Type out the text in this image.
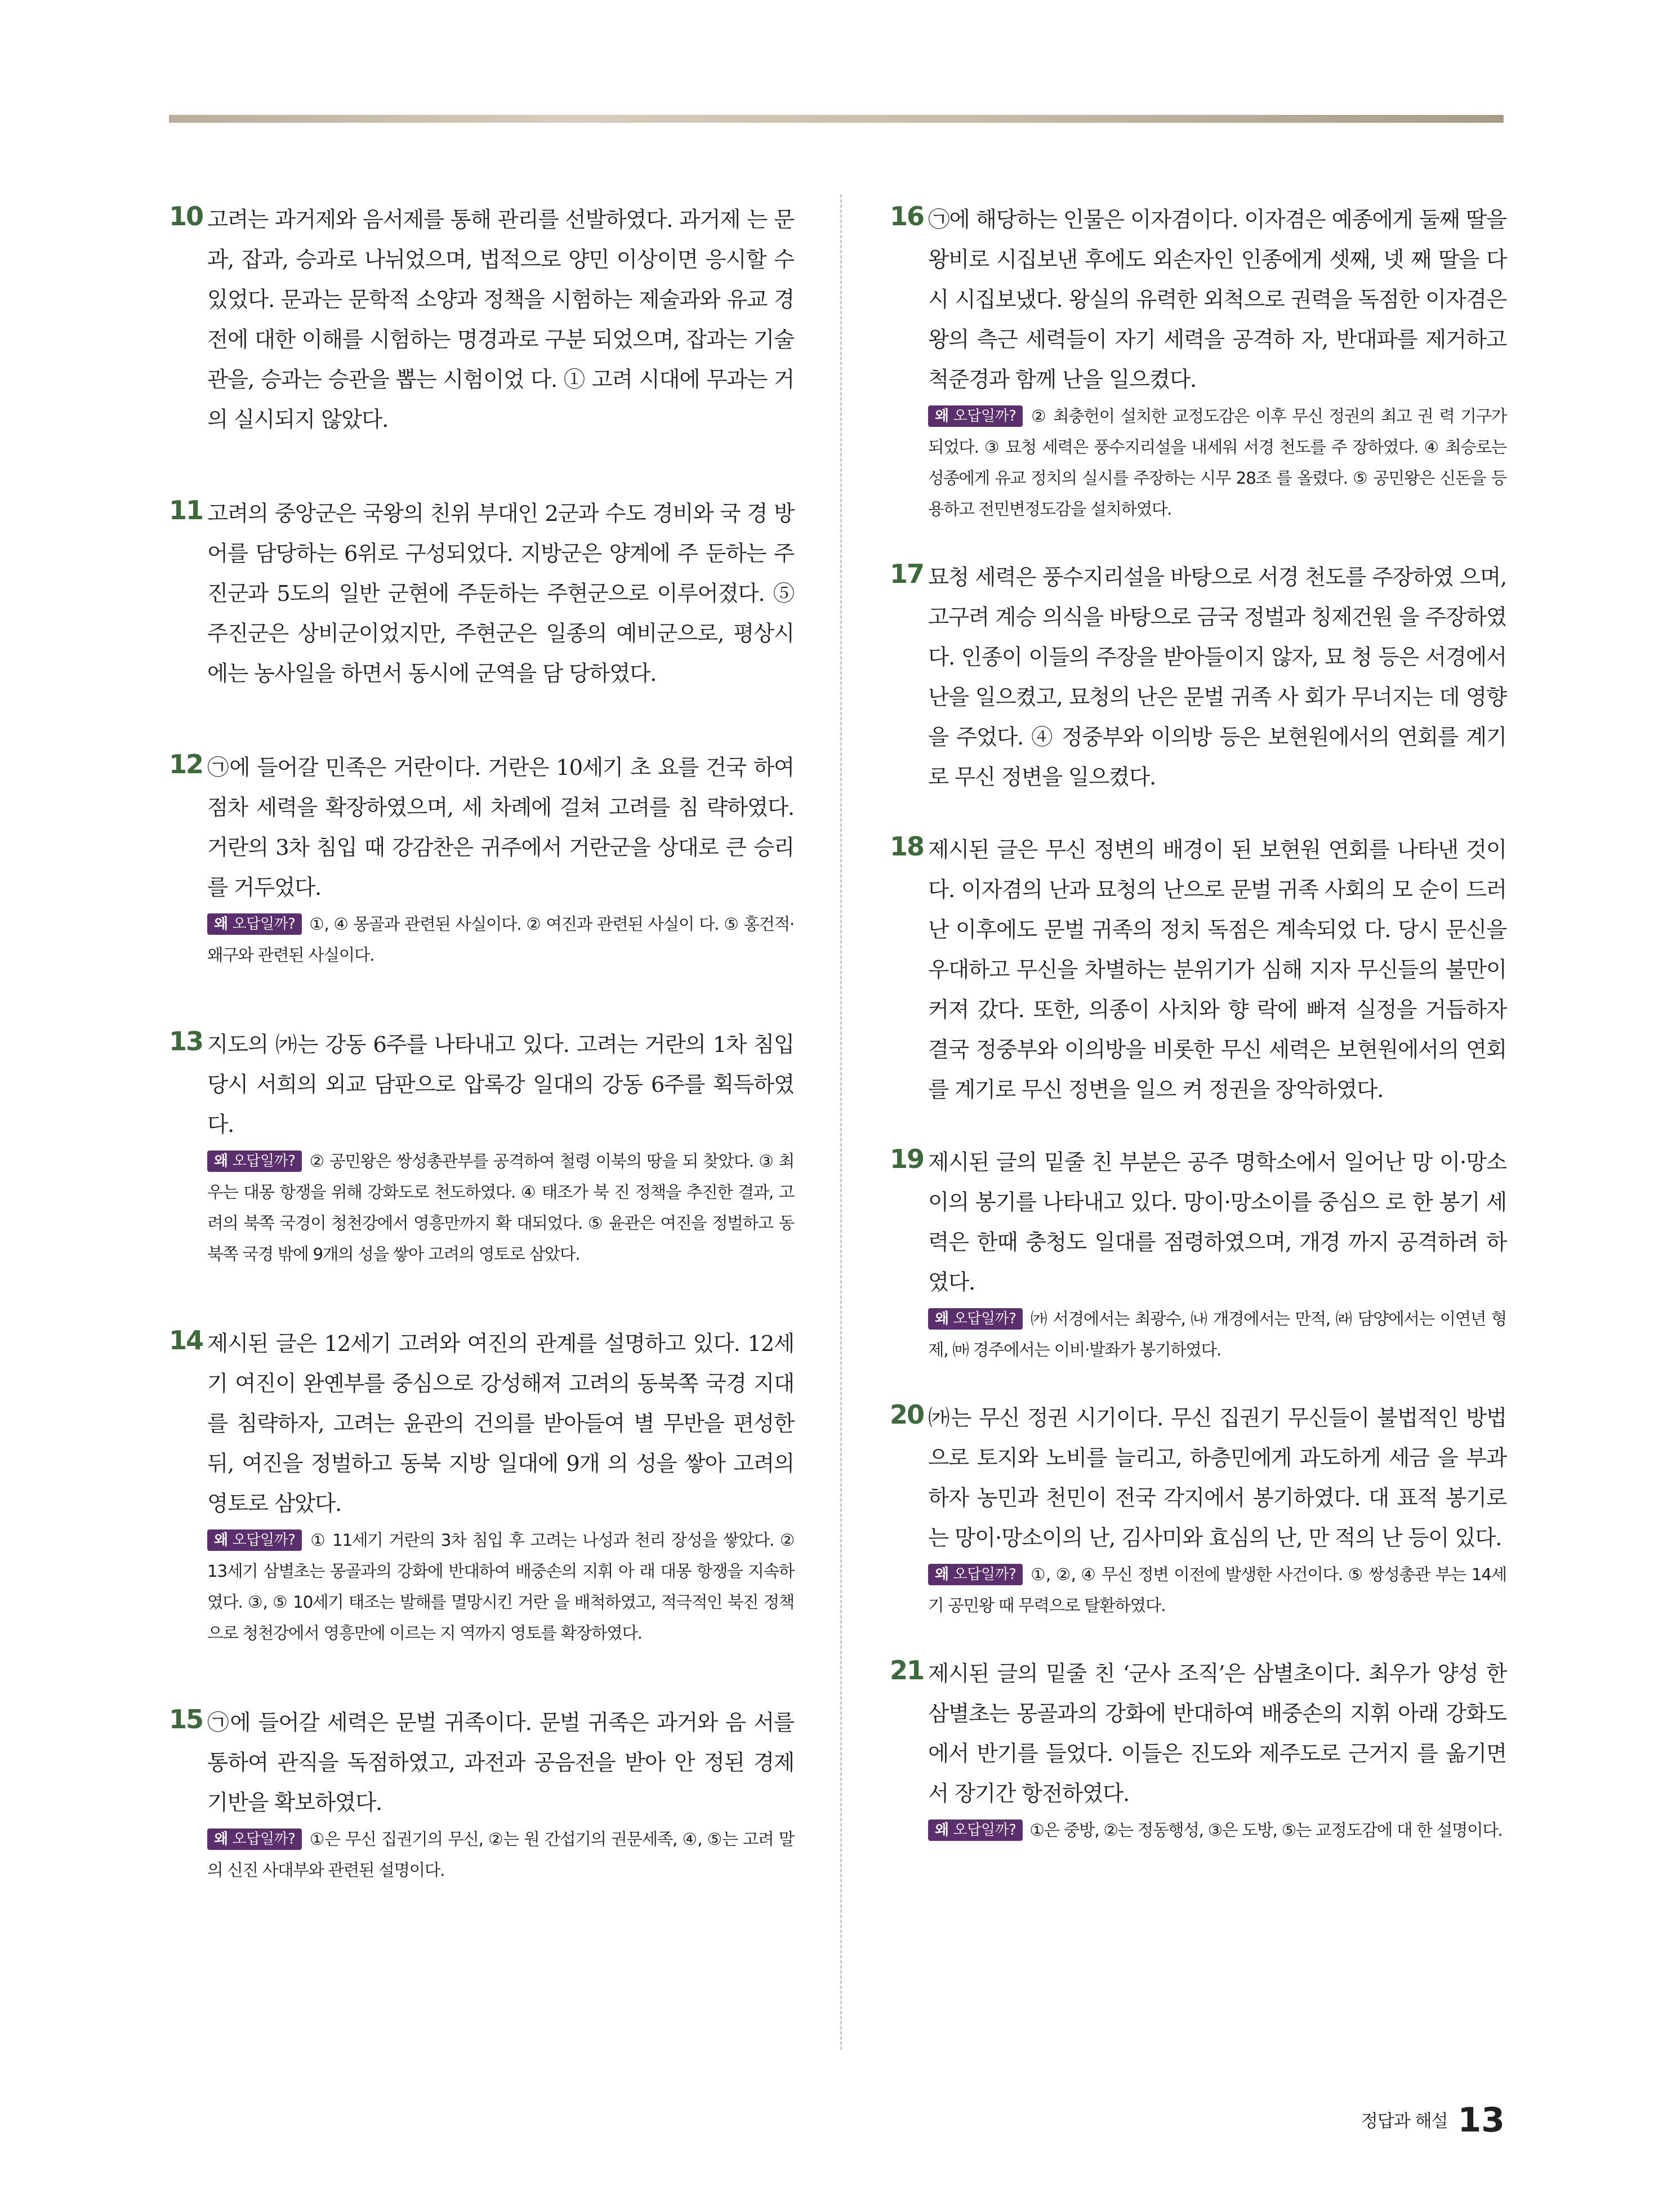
10 고려는 과거제와 음서제를 통해 관리를 선발하였다. 과거제 는 문과, 잡과, 승과로 나뉘었으며, 법적으로 양민 이상이면 응시할 수 있었다. 문과는 문학적 소양과 정책을 시험하는 제술과와 유교 경전에 대한 이해를 시험하는 명경과로 구분 되었으며, 잡과는 기술관을, 승과는 승관을 뽑는 시험이었 다. ① 고려 시대에 무과는 거의 실시되지 않았다.

11 고려의 중앙군은 국왕의 친위 부대인 2군과 수도 경비와 국 경 방어를 담당하는 6위로 구성되었다. 지방군은 양계에 주 둔하는 주진군과 5도의 일반 군현에 주둔하는 주현군으로 이루어졌다. ⑤ 주진군은 상비군이었지만, 주현군은 일종의 예비군으로, 평상시에는 농사일을 하면서 동시에 군역을 담 당하였다.

12 ㉠에 들어갈 민족은 거란이다. 거란은 10세기 초 요를 건국 하여 점차 세력을 확장하였으며, 세 차례에 걸쳐 고려를 침 략하였다. 거란의 3차 침입 때 강감찬은 귀주에서 거란군을 상대로 큰 승리를 거두었다.

왜 오답일까? ①, ④ 몽골과 관련된 사실이다. ② 여진과 관련된 사실이 다. ⑤ 홍건적·왜구와 관련된 사실이다.

13 지도의 ㈎는 강동 6주를 나타내고 있다. 고려는 거란의 1차 침입 당시 서희의 외교 담판으로 압록강 일대의 강동 6주를 획득하였다.

왜 오답일까? ② 공민왕은 쌍성총관부를 공격하여 철령 이북의 땅을 되 찾았다. ③ 최우는 대몽 항쟁을 위해 강화도로 천도하였다. ④ 태조가 북 진 정책을 추진한 결과, 고려의 북쪽 국경이 청천강에서 영흥만까지 확 대되었다. ⑤ 윤관은 여진을 정벌하고 동북쪽 국경 밖에 9개의 성을 쌓아 고려의 영토로 삼았다.

14 제시된 글은 12세기 고려와 여진의 관계를 설명하고 있다. 12세기 여진이 완옌부를 중심으로 강성해져 고려의 동북쪽 국경 지대를 침략하자, 고려는 윤관의 건의를 받아들여 별 무반을 편성한 뒤, 여진을 정벌하고 동북 지방 일대에 9개 의 성을 쌓아 고려의 영토로 삼았다.

왜 오답일까? ① 11세기 거란의 3차 침입 후 고려는 나성과 천리 장성을 쌓았다. ② 13세기 삼별초는 몽골과의 강화에 반대하여 배중손의 지휘 아 래 대몽 항쟁을 지속하였다. ③, ⑤ 10세기 태조는 발해를 멸망시킨 거란 을 배척하였고, 적극적인 북진 정책으로 청천강에서 영흥만에 이르는 지 역까지 영토를 확장하였다.

15 ㉠에 들어갈 세력은 문벌 귀족이다. 문벌 귀족은 과거와 음 서를 통하여 관직을 독점하였고, 과전과 공음전을 받아 안 정된 경제 기반을 확보하였다.

왜 오답일까? ①은 무신 집권기의 무신, ②는 원 간섭기의 권문세족, ④, ⑤는 고려 말의 신진 사대부와 관련된 설명이다.

16 ㉠에 해당하는 인물은 이자겸이다. 이자겸은 예종에게 둘째 딸을 왕비로 시집보낸 후에도 외손자인 인종에게 셋째, 넷 째 딸을 다시 시집보냈다. 왕실의 유력한 외척으로 권력을 독점한 이자겸은 왕의 측근 세력들이 자기 세력을 공격하 자, 반대파를 제거하고 척준경과 함께 난을 일으켰다.

왜 오답일까? ② 최충헌이 설치한 교정도감은 이후 무신 정권의 최고 권 력 기구가 되었다. ③ 묘청 세력은 풍수지리설을 내세워 서경 천도를 주 장하였다. ④ 최승로는 성종에게 유교 정치의 실시를 주장하는 시무 28조 를 올렸다. ⑤ 공민왕은 신돈을 등용하고 전민변정도감을 설치하였다.

17 묘청 세력은 풍수지리설을 바탕으로 서경 천도를 주장하였 으며, 고구려 계승 의식을 바탕으로 금국 정벌과 칭제건원 을 주장하였다. 인종이 이들의 주장을 받아들이지 않자, 묘 청 등은 서경에서 난을 일으켰고, 묘청의 난은 문벌 귀족 사 회가 무너지는 데 영향을 주었다. ④ 정중부와 이의방 등은 보현원에서의 연회를 계기로 무신 정변을 일으켰다.

18 제시된 글은 무신 정변의 배경이 된 보현원 연회를 나타낸 것이다. 이자겸의 난과 묘청의 난으로 문벌 귀족 사회의 모 순이 드러난 이후에도 문벌 귀족의 정치 독점은 계속되었 다. 당시 문신을 우대하고 무신을 차별하는 분위기가 심해 지자 무신들의 불만이 커져 갔다. 또한, 의종이 사치와 향 락에 빠져 실정을 거듭하자 결국 정중부와 이의방을 비롯한 무신 세력은 보현원에서의 연회를 계기로 무신 정변을 일으 켜 정권을 장악하였다.

19 제시된 글의 밑줄 친 부분은 공주 명학소에서 일어난 망 이·망소이의 봉기를 나타내고 있다. 망이·망소이를 중심으 로 한 봉기 세력은 한때 충청도 일대를 점령하였으며, 개경 까지 공격하려 하였다.

왜 오답일까? ㈎ 서경에서는 최광수, ㈏ 개경에서는 만적, ㈑ 담양에서는 이연년 형제, ㈒ 경주에서는 이비·발좌가 봉기하였다.

20 ㈎는 무신 정권 시기이다. 무신 집권기 무신들이 불법적인 방법으로 토지와 노비를 늘리고, 하층민에게 과도하게 세금 을 부과하자 농민과 천민이 전국 각지에서 봉기하였다. 대 표적 봉기로는 망이·망소이의 난, 김사미와 효심의 난, 만 적의 난 등이 있다.

왜 오답일까? ①, ②, ④ 무신 정변 이전에 발생한 사건이다. ⑤ 쌍성총관 부는 14세기 공민왕 때 무력으로 탈환하였다.

21 제시된 글의 밑줄 친 ‘군사 조직’은 삼별초이다. 최우가 양성 한 삼별초는 몽골과의 강화에 반대하여 배중손의 지휘 아래 강화도에서 반기를 들었다. 이들은 진도와 제주도로 근거지 를 옮기면서 장기간 항전하였다.

왜 오답일까? ①은 중방, ②는 정동행성, ③은 도방, ⑤는 교정도감에 대 한 설명이다.

정답과 해설 13
